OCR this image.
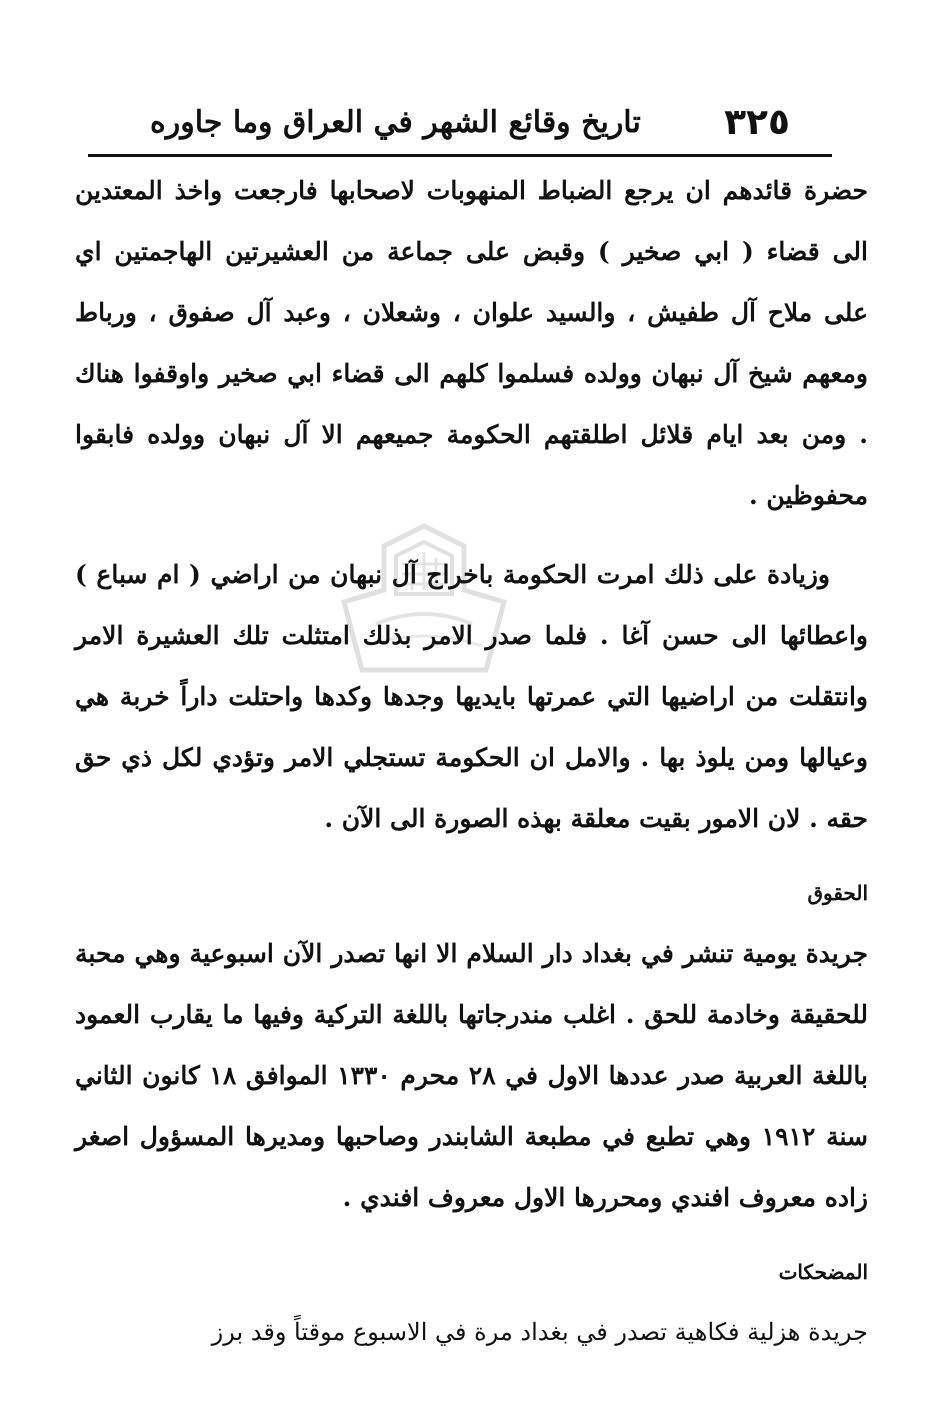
٣٢٥
تاريخ وقائع الشهر في العراق وما جاوره

حضرة قائدهم ان يرجع الضباط المنهوبات لاصحابها فارجعت واخذ المعتدين الى قضاء ( ابي صخير ) وقبض على جماعة من العشيرتين الهاجمتين اي على ملاح آل طفيش ، والسيد علوان ، وشعلان ، وعبد آل صفوق ، ورباط ومعهم شيخ آل نبهان وولده فسلموا كلهم الى قضاء ابي صخير واوقفوا هناك . ومن بعد ايام قلائل اطلقتهم الحكومة جميعهم الا آل نبهان وولده فابقوا محفوظين .

وزيادة على ذلك امرت الحكومة باخراج آل نبهان من اراضي ( ام سباع ) واعطائها الى حسن آغا . فلما صدر الامر بذلك امتثلت تلك العشيرة الامر وانتقلت من اراضيها التي عمرتها بايديها وجدها وكدها واحتلت داراً خربة هي وعيالها ومن يلوذ بها . والامل ان الحكومة تستجلي الامر وتؤدي لكل ذي حق حقه . لان الامور بقيت معلقة بهذه الصورة الى الآن .

الحقوق

جريدة يومية تنشر في بغداد دار السلام الا انها تصدر الآن اسبوعية وهي محبة للحقيقة وخادمة للحق . اغلب مندرجاتها باللغة التركية وفيها ما يقارب العمود باللغة العربية صدر عددها الاول في ٢٨ محرم ١٣٣٠ الموافق ١٨ كانون الثاني سنة ١٩١٢ وهي تطبع في مطبعة الشابندر وصاحبها ومديرها المسؤول اصغر زاده معروف افندي ومحررها الاول معروف افندي .

المضحكات

جريدة هزلية فكاهية تصدر في بغداد مرة في الاسبوع موقتاً وقد برز
